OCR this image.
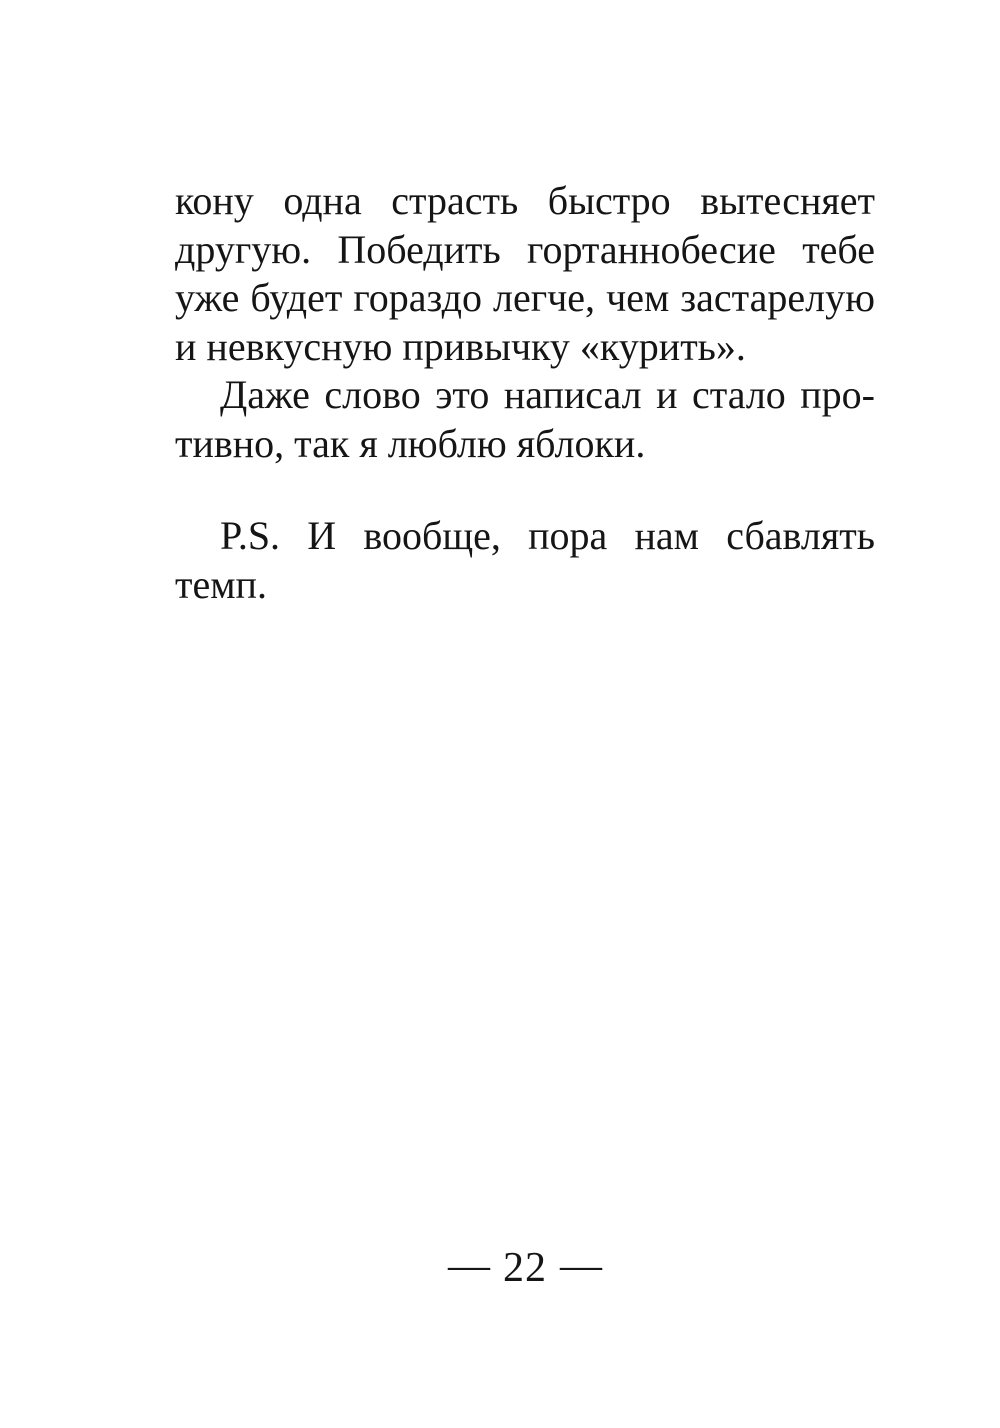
кону одна страсть быстро вытесняет

другую. Победить гортаннобесие тебе

уже будет гораздо легче, чем застарелую

и невкусную привычку «курить».

Даже слово это написал и стало про-

тивно, так я люблю яблоки.

P.S. И вообще, пора нам сбавлять

темп.

— 22 —
